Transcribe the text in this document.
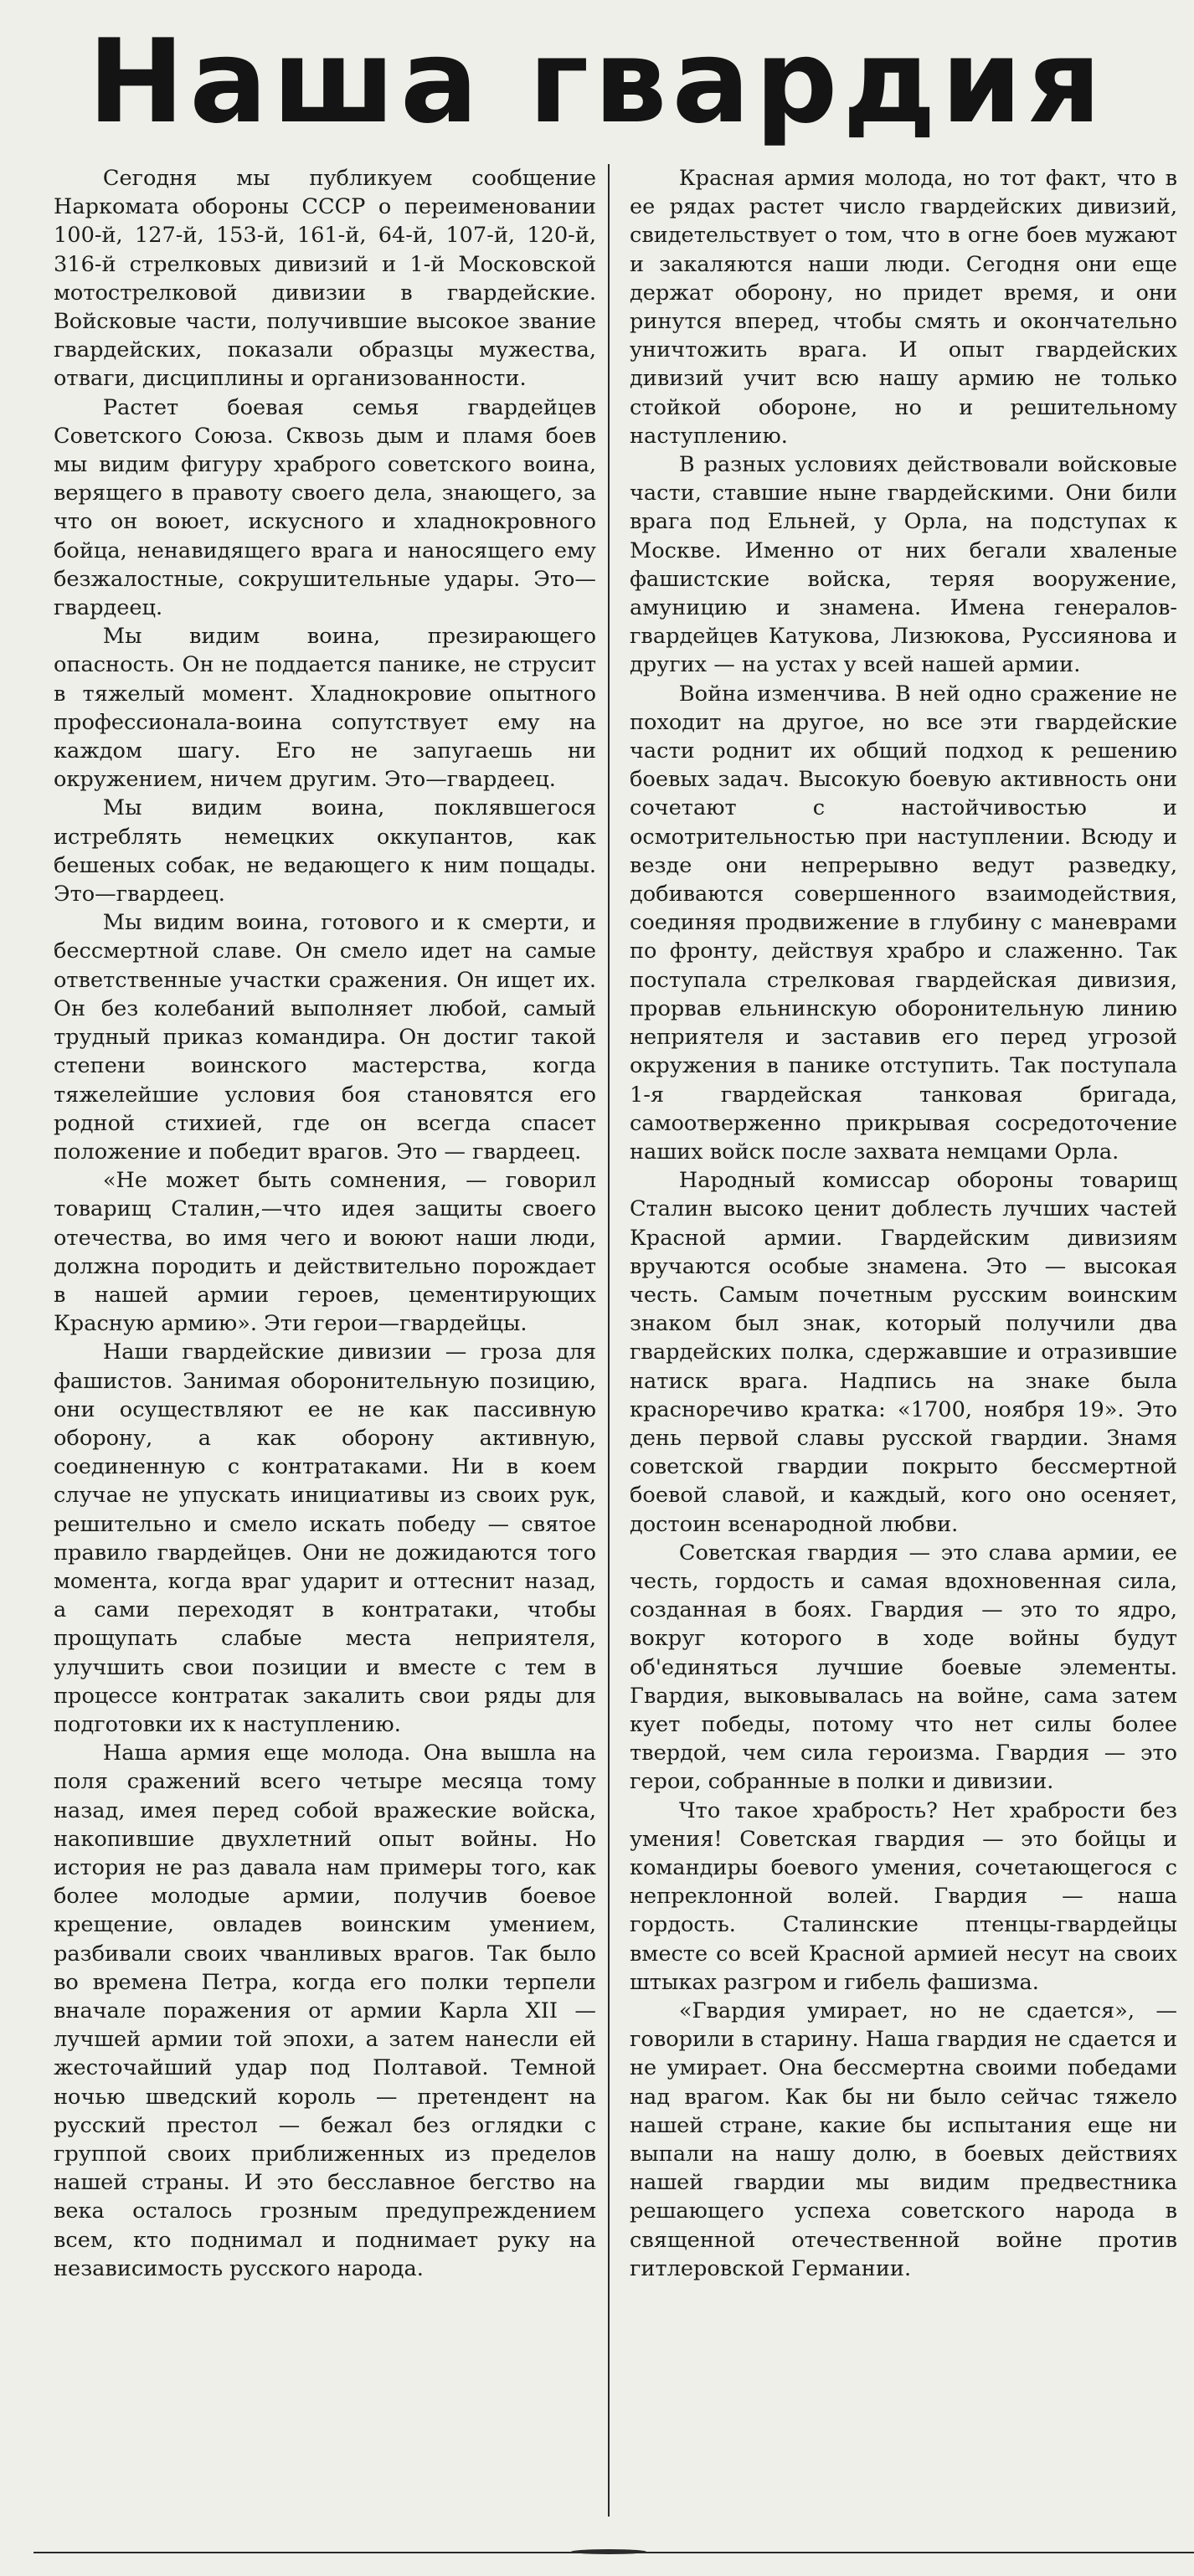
Наша гвардия

Сегодня мы публикуем сообщение Наркомата обороны СССР о переименовании 100-й, 127-й, 153-й, 161-й, 64-й, 107-й, 120-й, 316-й стрелковых дивизий и 1-й Московской мотострелковой дивизии в гвардейские. Войсковые части, получившие высокое звание гвардейских, показали образцы мужества, отваги, дисциплины и организованности.

Растет боевая семья гвардейцев Советского Союза. Сквозь дым и пламя боев мы видим фигуру храброго советского воина, верящего в правоту своего дела, знающего, за что он воюет, искусного и хладнокровного бойца, ненавидящего врага и наносящего ему безжалостные, сокрушительные удары. Это—гвардеец.

Мы видим воина, презирающего опасность. Он не поддается панике, не струсит в тяжелый момент. Хладнокровие опытного профессионала-воина сопутствует ему на каждом шагу. Его не запугаешь ни окружением, ничем другим. Это—гвардеец.

Мы видим воина, поклявшегося истреблять немецких оккупантов, как бешеных собак, не ведающего к ним пощады. Это—гвардеец.

Мы видим воина, готового и к смерти, и бессмертной славе. Он смело идет на самые ответственные участки сражения. Он ищет их. Он без колебаний выполняет любой, самый трудный приказ командира. Он достиг такой степени воинского мастерства, когда тяжелейшие условия боя становятся его родной стихией, где он всегда спасет положение и победит врагов. Это — гвардеец.

«Не может быть сомнения, — говорил товарищ Сталин,—что идея защиты своего отечества, во имя чего и воюют наши люди, должна породить и действительно порождает в нашей армии героев, цементирующих Красную армию». Эти герои—гвардейцы.

Наши гвардейские дивизии — гроза для фашистов. Занимая оборонительную позицию, они осуществляют ее не как пассивную оборону, а как оборону активную, соединенную с контратаками. Ни в коем случае не упускать инициативы из своих рук, решительно и смело искать победу — святое правило гвардейцев. Они не дожидаются того момента, когда враг ударит и оттеснит назад, а сами переходят в контратаки, чтобы прощупать слабые места неприятеля, улучшить свои позиции и вместе с тем в процессе контратак закалить свои ряды для подготовки их к наступлению.

Наша армия еще молода. Она вышла на поля сражений всего четыре месяца тому назад, имея перед собой вражеские войска, накопившие двухлетний опыт войны. Но история не раз давала нам примеры того, как более молодые армии, получив боевое крещение, овладев воинским умением, разбивали своих чванливых врагов. Так было во времена Петра, когда его полки терпели вначале поражения от армии Карла XII — лучшей армии той эпохи, а затем нанесли ей жесточайший удар под Полтавой. Темной ночью шведский король — претендент на русский престол — бежал без оглядки с группой своих приближенных из пределов нашей страны. И это бесславное бегство на века осталось грозным предупреждением всем, кто поднимал и поднимает руку на независимость русского народа.

Красная армия молода, но тот факт, что в ее рядах растет число гвардейских дивизий, свидетельствует о том, что в огне боев мужают и закаляются наши люди. Сегодня они еще держат оборону, но придет время, и они ринутся вперед, чтобы смять и окончательно уничтожить врага. И опыт гвардейских дивизий учит всю нашу армию не только стойкой обороне, но и решительному наступлению.

В разных условиях действовали войсковые части, ставшие ныне гвардейскими. Они били врага под Ельней, у Орла, на подступах к Москве. Именно от них бегали хваленые фашистские войска, теряя вооружение, амуницию и знамена. Имена генералов-гвардейцев Катукова, Лизюкова, Руссиянова и других — на устах у всей нашей армии.

Война изменчива. В ней одно сражение не походит на другое, но все эти гвардейские части роднит их общий подход к решению боевых задач. Высокую боевую активность они сочетают с настойчивостью и осмотрительностью при наступлении. Всюду и везде они непрерывно ведут разведку, добиваются совершенного взаимодействия, соединяя продвижение в глубину с маневрами по фронту, действуя храбро и слаженно. Так поступала стрелковая гвардейская дивизия, прорвав ельнинскую оборонительную линию неприятеля и заставив его перед угрозой окружения в панике отступить. Так поступала 1-я гвардейская танковая бригада, самоотверженно прикрывая сосредоточение наших войск после захвата немцами Орла.

Народный комиссар обороны товарищ Сталин высоко ценит доблесть лучших частей Красной армии. Гвардейским дивизиям вручаются особые знамена. Это — высокая честь. Самым почетным русским воинским знаком был знак, который получили два гвардейских полка, сдержавшие и отразившие натиск врага. Надпись на знаке была красноречиво кратка: «1700, ноября 19». Это день первой славы русской гвардии. Знамя советской гвардии покрыто бессмертной боевой славой, и каждый, кого оно осеняет, достоин всенародной любви.

Советская гвардия — это слава армии, ее честь, гордость и самая вдохновенная сила, созданная в боях. Гвардия — это то ядро, вокруг которого в ходе войны будут об'единяться лучшие боевые элементы. Гвардия, выковывалась на войне, сама затем кует победы, потому что нет силы более твердой, чем сила героизма. Гвардия — это герои, собранные в полки и дивизии.

Что такое храбрость? Нет храбрости без умения! Советская гвардия — это бойцы и командиры боевого умения, сочетающегося с непреклонной волей. Гвардия — наша гордость. Сталинские птенцы-гвардейцы вместе со всей Красной армией несут на своих штыках разгром и гибель фашизма.

«Гвардия умирает, но не сдается», — говорили в старину. Наша гвардия не сдается и не умирает. Она бессмертна своими победами над врагом. Как бы ни было сейчас тяжело нашей стране, какие бы испытания еще ни выпали на нашу долю, в боевых действиях нашей гвардии мы видим предвестника решающего успеха советского народа в священной отечественной войне против гитлеровской Германии.
